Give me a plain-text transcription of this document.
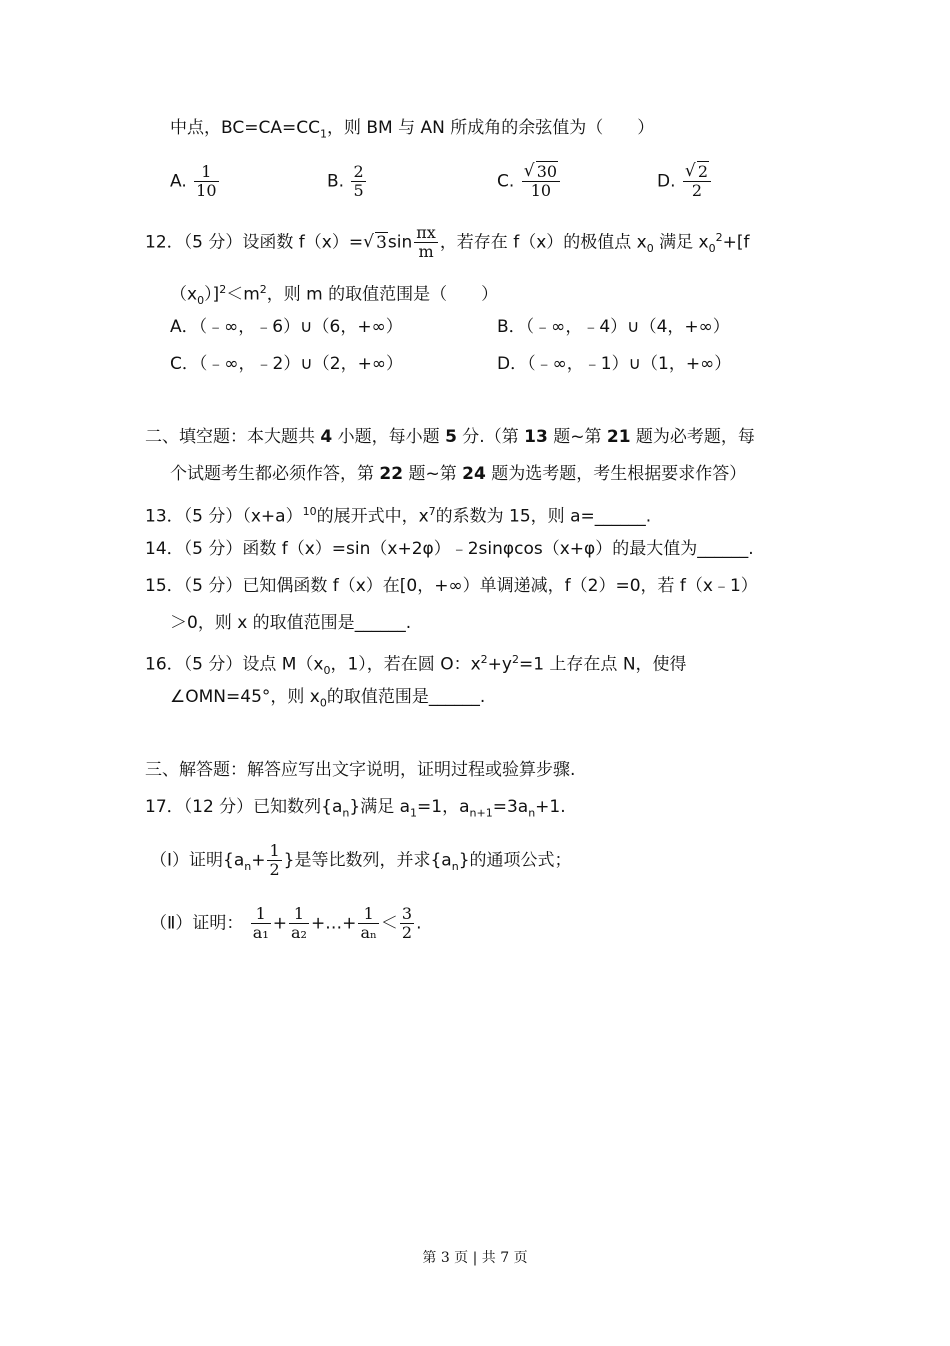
中点，$BC=CA=CC_1$，则 BM 与 AN 所成角的余弦值为（　　）
A. $\frac{1}{10}$	B. $\frac{2}{5}$	C. √ $\frac{30}{10}$	D. √ $\frac{2}{2}$
12．（5 分）设函数 f（x）= √ $3\sin \frac{\pi x}{m}$ ，若存在 f（x）的极值点 $x_0$ 满足 $x_0^2+[f$
$(x_0)]^2<m^2$，则 m 的取值范围是（　　）
A．（﹣∞，﹣6）∪（6，+∞）	B．（﹣∞，﹣4）∪（4，+∞）
C．（﹣∞，﹣2）∪（2，+∞）	D．（﹣∞，﹣1）∪（1，+∞）
二、填空题：本大题共 4 小题，每小题 5 分.（第 13 题~第 21 题为必考题，每
个试题考生都必须作答，第 22 题~第 24 题为选考题，考生根据要求作答）
13．（5 分）$(x+a)^{10}$的展开式中，$x^7$的系数为 15，则 a=______.
14．（5 分）函数 f（x）=sin（x+2φ）﹣2sinφcos（x+φ）的最大值为______.
15．（5 分）已知偶函数 f（x）在[0，+∞）单调递减，f（2）=0，若 f（x﹣1）
＞0，则 x 的取值范围是______.
16．（5 分）设点 $M(x_0$，1），若在圆 O：$x^2+y^2=1$ 上存在点 N，使得
∠OMN=45°，则 $x_0$的取值范围是______.
三、解答题：解答应写出文字说明，证明过程或验算步骤.
17．（12 分）已知数列$\{a_n\}$满足 $a_1=1$，$a_{n+1}=3a_n+1$.
（Ⅰ）证明{$a_n+ \frac{1}{2}$ }是等比数列，并求$\{a_n\}$的通项公式；
（Ⅱ）证明： $\frac{1}{\text{a₁}} + \frac{1}{\text{a₂}}$ +…+ $\frac{1}{\text{aₙ}} < \frac{3}{2}$ .
第 3 页 | 共 7 页
